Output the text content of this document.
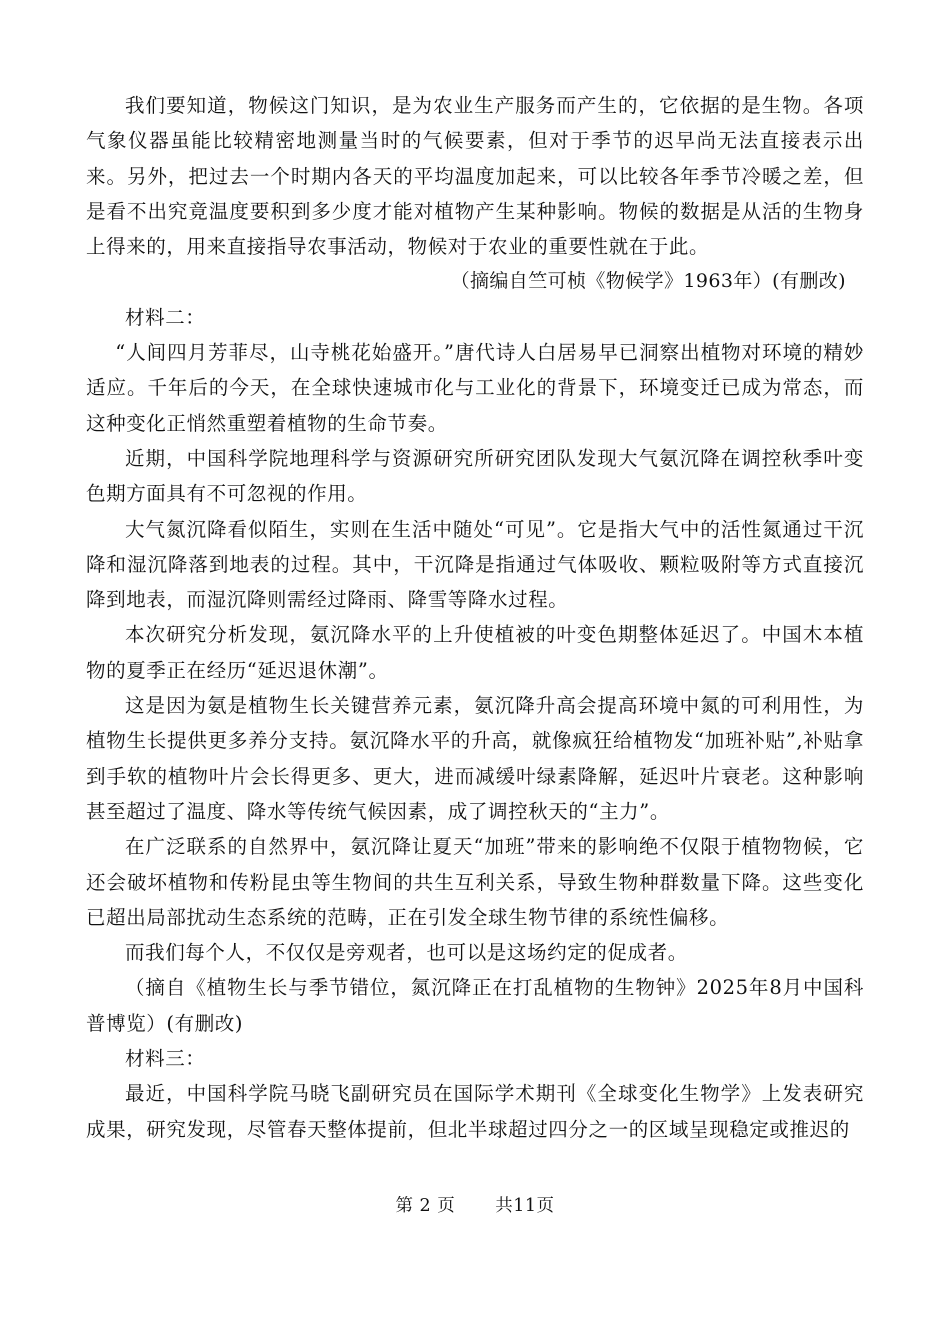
我们要知道，物候这门知识，是为农业生产服务而产生的，它依据的是生物。各项气象仪器虽能比较精密地测量当时的气候要素，但对于季节的迟早尚无法直接表示出来。另外，把过去一个时期内各天的平均温度加起来，可以比较各年季节冷暖之差，但是看不出究竟温度要积到多少度才能对植物产生某种影响。物候的数据是从活的生物身上得来的，用来直接指导农事活动，物候对于农业的重要性就在于此。

（摘编自竺可桢《物候学》1963年）(有删改)
材料二：

“人间四月芳菲尽，山寺桃花始盛开。”唐代诗人白居易早已洞察出植物对环境的精妙适应。千年后的今天，在全球快速城市化与工业化的背景下，环境变迁已成为常态，而这种变化正悄然重塑着植物的生命节奏。

近期，中国科学院地理科学与资源研究所研究团队发现大气氨沉降在调控秋季叶变色期方面具有不可忽视的作用。

大气氮沉降看似陌生，实则在生活中随处“可见”。它是指大气中的活性氮通过干沉降和湿沉降落到地表的过程。其中，干沉降是指通过气体吸收、颗粒吸附等方式直接沉降到地表，而湿沉降则需经过降雨、降雪等降水过程。

本次研究分析发现，氨沉降水平的上升使植被的叶变色期整体延迟了。中国木本植物的夏季正在经历“延迟退休潮”。

这是因为氨是植物生长关键营养元素，氨沉降升高会提高环境中氮的可利用性，为植物生长提供更多养分支持。氨沉降水平的升高，就像疯狂给植物发“加班补贴”,补贴拿到手软的植物叶片会长得更多、更大，进而减缓叶绿素降解，延迟叶片衰老。这种影响甚至超过了温度、降水等传统气候因素，成了调控秋天的“主力”。

在广泛联系的自然界中，氨沉降让夏天“加班”带来的影响绝不仅限于植物物候，它还会破坏植物和传粉昆虫等生物间的共生互利关系，导致生物种群数量下降。这些变化已超出局部扰动生态系统的范畴，正在引发全球生物节律的系统性偏移。

而我们每个人，不仅仅是旁观者，也可以是这场约定的促成者。

（摘自《植物生长与季节错位，氮沉降正在打乱植物的生物钟》2025年8月中国科普博览）(有删改)

材料三：

最近，中国科学院马晓飞副研究员在国际学术期刊《全球变化生物学》上发表研究成果，研究发现，尽管春天整体提前，但北半球超过四分之一的区域呈现稳定或推迟的

第 2 页 共11页
